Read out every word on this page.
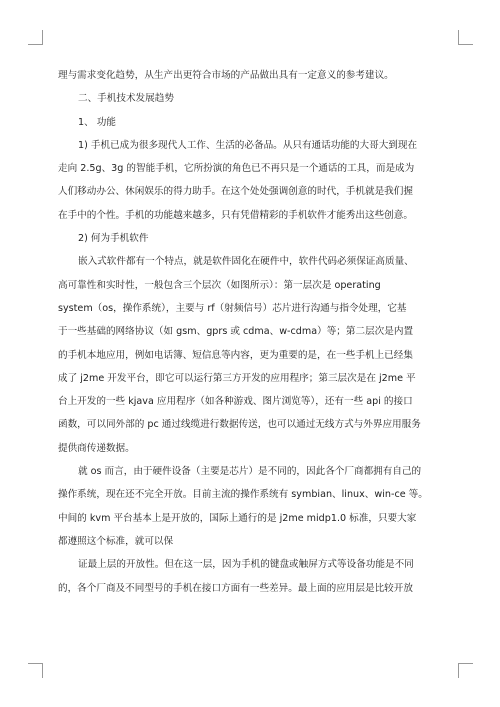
理与需求变化趋势，从生产出更符合市场的产品做出具有一定意义的参考建议。

二、手机技术发展趋势

1、 功能

1) 手机已成为很多现代人工作、生活的必备品。从只有通话功能的大哥大到现在

走向 2.5g、3g 的智能手机，它所扮演的角色已不再只是一个通话的工具，而是成为

人们移动办公、休闲娱乐的得力助手。在这个处处强调创意的时代，手机就是我们握

在手中的个性。手机的功能越来越多，只有凭借精彩的手机软件才能秀出这些创意。

2) 何为手机软件

嵌入式软件都有一个特点，就是软件固化在硬件中，软件代码必须保证高质量、

高可靠性和实时性，一般包含三个层次（如图所示）：第一层次是 operating

system（os，操作系统），主要与 rf（射频信号）芯片进行沟通与指令处理，它基

于一些基础的网络协议（如 gsm、gprs 或 cdma、w-cdma）等；第二层次是内置

的手机本地应用，例如电话簿、短信息等内容，更为重要的是，在一些手机上已经集

成了 j2me 开发平台，即它可以运行第三方开发的应用程序；第三层次是在 j2me 平

台上开发的一些 kjava 应用程序（如各种游戏、图片浏览等），还有一些 api 的接口

函数，可以同外部的 pc 通过线缆进行数据传送，也可以通过无线方式与外界应用服务

提供商传递数据。

就 os 而言，由于硬件设备（主要是芯片）是不同的，因此各个厂商都拥有自己的

操作系统，现在还不完全开放。目前主流的操作系统有 symbian、linux、win-ce 等。

中间的 kvm 平台基本上是开放的，国际上通行的是 j2me midp1.0 标准，只要大家

都遵照这个标准，就可以保

证最上层的开放性。但在这一层，因为手机的键盘或触屏方式等设备功能是不同

的，各个厂商及不同型号的手机在接口方面有一些差异。最上面的应用层是比较开放
